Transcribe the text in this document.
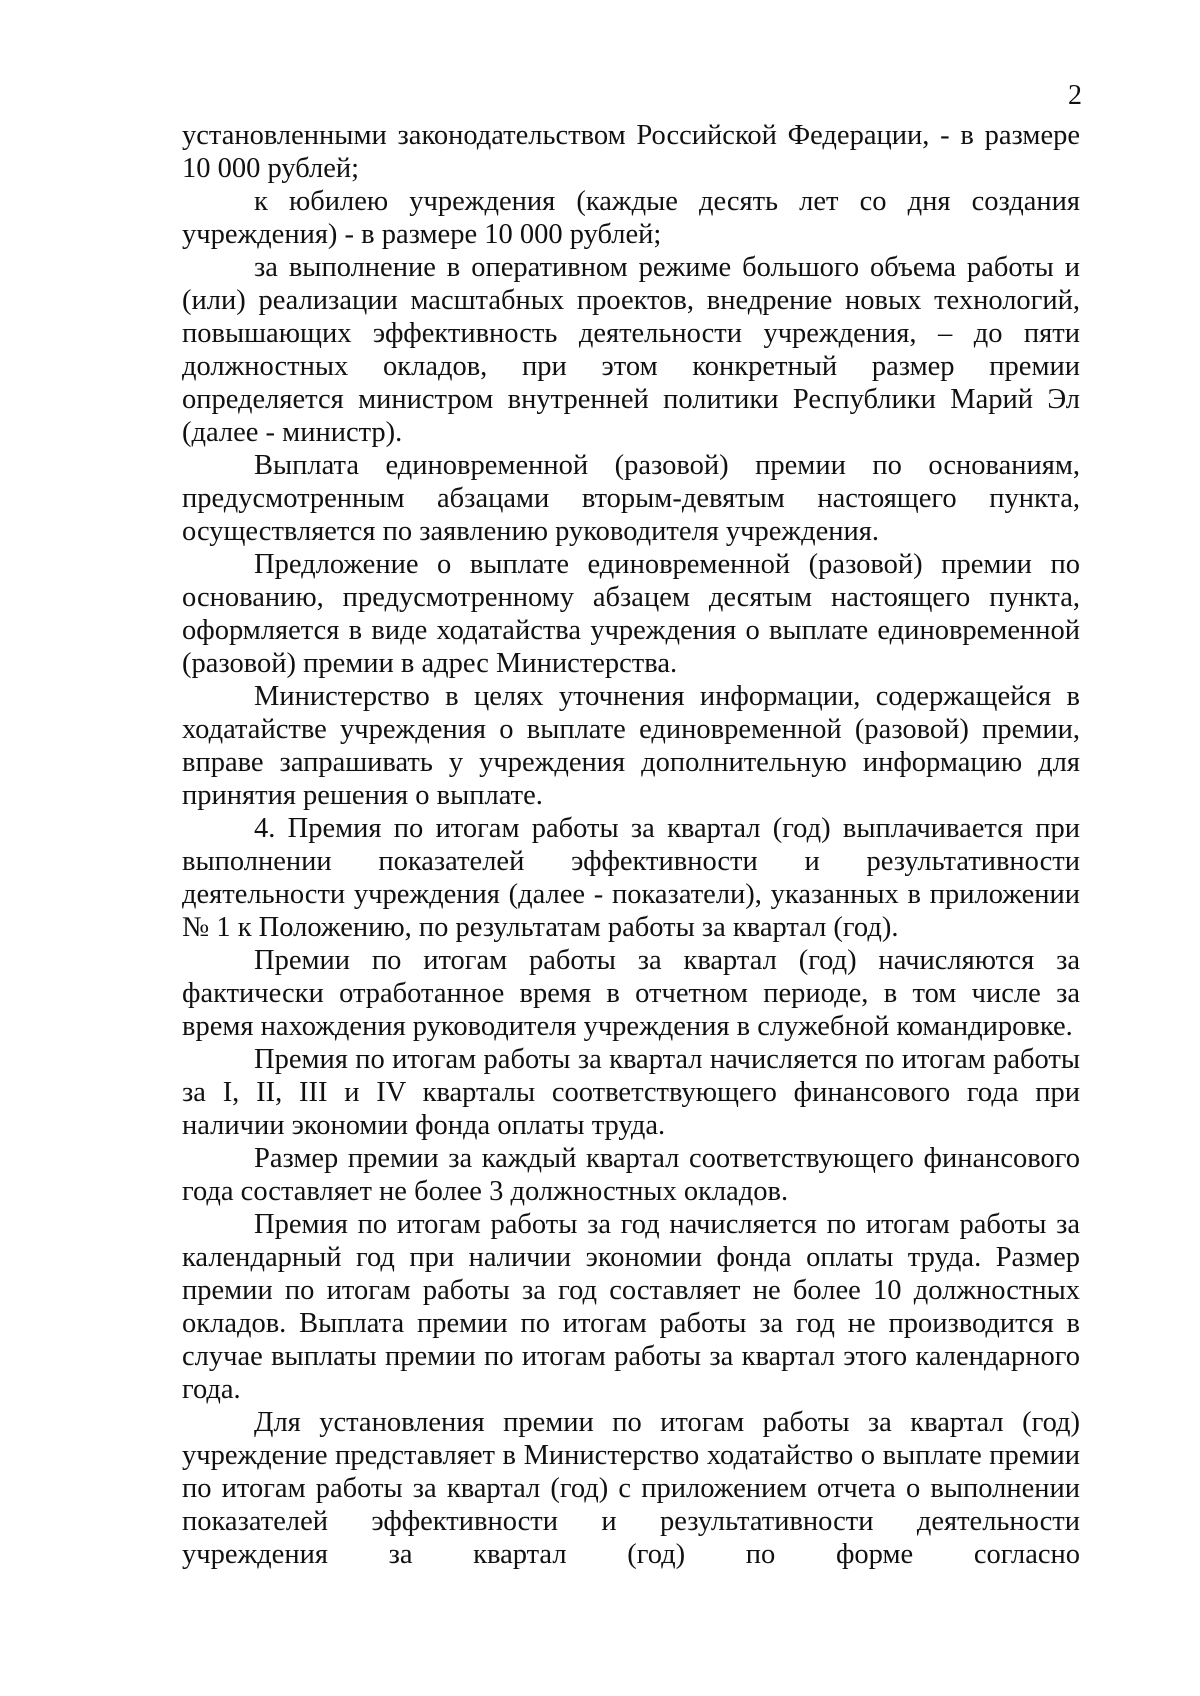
2

установленными законодательством Российской Федерации, - в размере 10 000 рублей;

к юбилею учреждения (каждые десять лет со дня создания учреждения) - в размере 10 000 рублей;

за выполнение в оперативном режиме большого объема работы и (или) реализации масштабных проектов, внедрение новых технологий, повышающих эффективность деятельности учреждения, – до пяти должностных окладов, при этом конкретный размер премии определяется министром внутренней политики Республики Марий Эл (далее - министр).

Выплата единовременной (разовой) премии по основаниям, предусмотренным абзацами вторым-девятым настоящего пункта, осуществляется по заявлению руководителя учреждения.

Предложение о выплате единовременной (разовой) премии по основанию, предусмотренному абзацем десятым настоящего пункта, оформляется в виде ходатайства учреждения о выплате единовременной (разовой) премии в адрес Министерства.

Министерство в целях уточнения информации, содержащейся в ходатайстве учреждения о выплате единовременной (разовой) премии, вправе запрашивать у учреждения дополнительную информацию для принятия решения о выплате.

4. Премия по итогам работы за квартал (год) выплачивается при выполнении показателей эффективности и результативности деятельности учреждения (далее - показатели), указанных в приложении № 1 к Положению, по результатам работы за квартал (год).

Премии по итогам работы за квартал (год) начисляются за фактически отработанное время в отчетном периоде, в том числе за время нахождения руководителя учреждения в служебной командировке.

Премия по итогам работы за квартал начисляется по итогам работы за I, II, III и IV кварталы соответствующего финансового года при наличии экономии фонда оплаты труда.

Размер премии за каждый квартал соответствующего финансового года составляет не более 3 должностных окладов.

Премия по итогам работы за год начисляется по итогам работы за календарный год при наличии экономии фонда оплаты труда. Размер премии по итогам работы за год составляет не более 10 должностных окладов. Выплата премии по итогам работы за год не производится в случае выплаты премии по итогам работы за квартал этого календарного года.

Для установления премии по итогам работы за квартал (год) учреждение представляет в Министерство ходатайство о выплате премии по итогам работы за квартал (год) с приложением отчета о выполнении показателей эффективности и результативности деятельности учреждения за квартал (год) по форме согласно
